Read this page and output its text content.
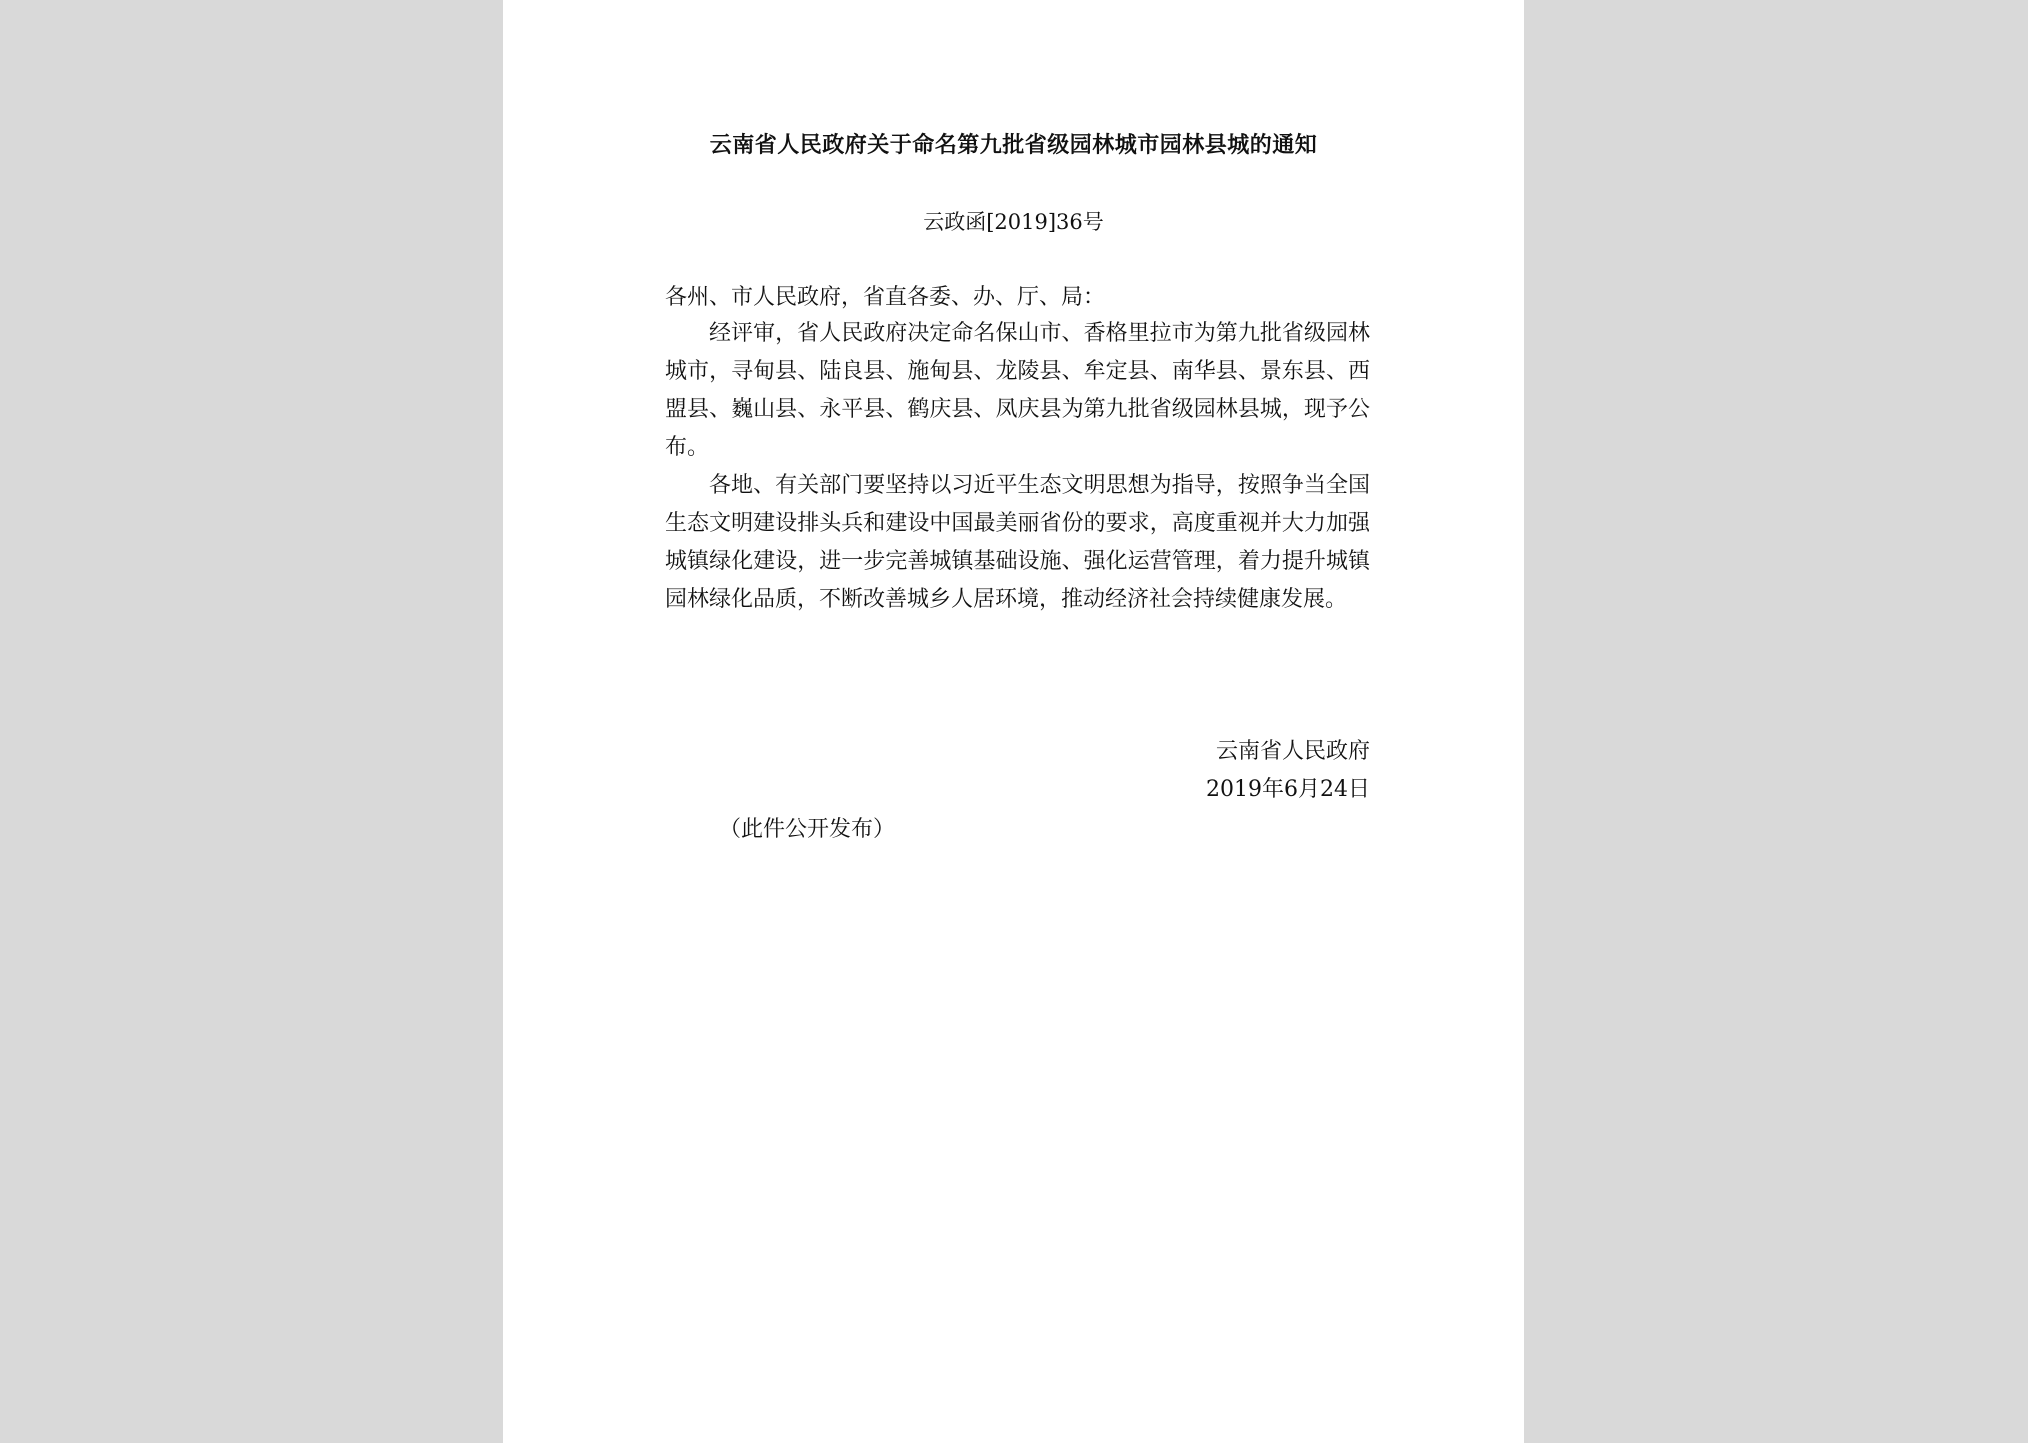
云南省人民政府关于命名第九批省级园林城市园林县城的通知
云政函[2019]36号
各州、市人民政府，省直各委、办、厅、局：
经评审，省人民政府决定命名保山市、香格里拉市为第九批省级园林城市，寻甸县、陆良县、施甸县、龙陵县、牟定县、南华县、景东县、西盟县、巍山县、永平县、鹤庆县、凤庆县为第九批省级园林县城，现予公布。
各地、有关部门要坚持以习近平生态文明思想为指导，按照争当全国生态文明建设排头兵和建设中国最美丽省份的要求，高度重视并大力加强城镇绿化建设，进一步完善城镇基础设施、强化运营管理，着力提升城镇园林绿化品质，不断改善城乡人居环境，推动经济社会持续健康发展。
云南省人民政府
2019年6月24日
（此件公开发布）
